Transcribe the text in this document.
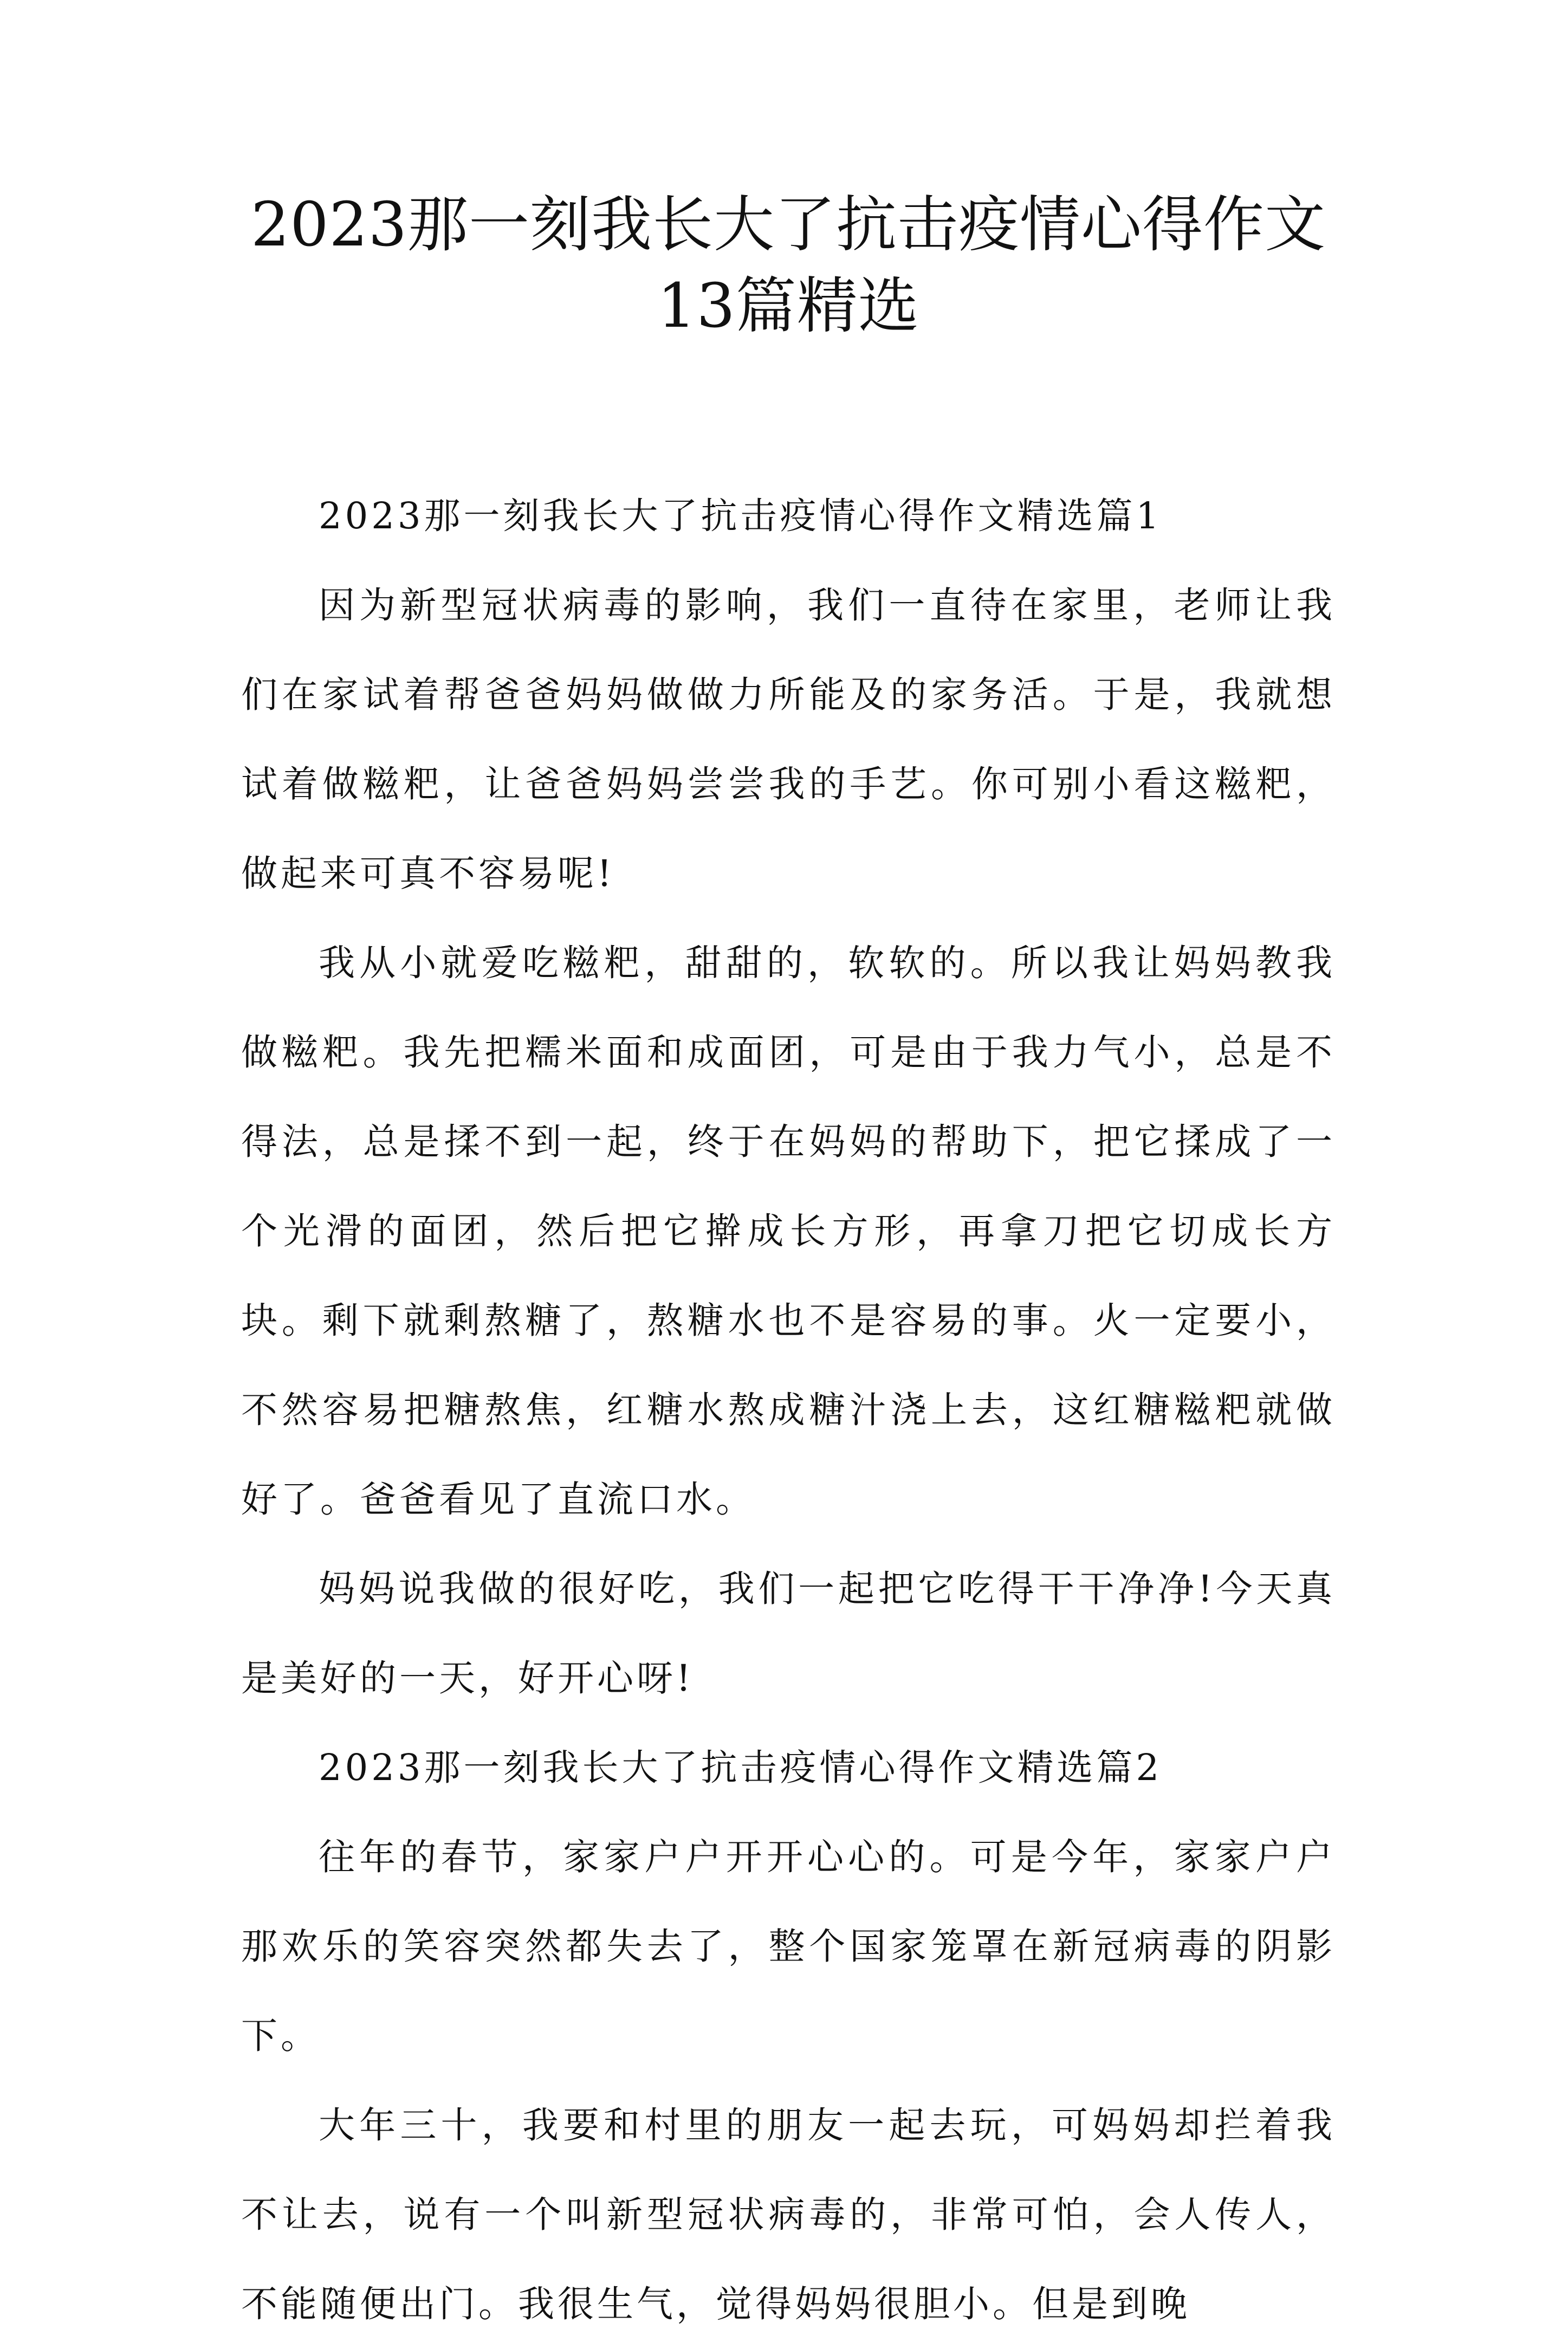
2023那一刻我长大了抗击疫情心得作文13篇精选

2023那一刻我长大了抗击疫情心得作文精选篇1

因为新型冠状病毒的影响，我们一直待在家里，老师让我们在家试着帮爸爸妈妈做做力所能及的家务活。于是，我就想试着做糍粑，让爸爸妈妈尝尝我的手艺。你可别小看这糍粑，做起来可真不容易呢!

我从小就爱吃糍粑，甜甜的，软软的。所以我让妈妈教我做糍粑。我先把糯米面和成面团，可是由于我力气小，总是不得法，总是揉不到一起，终于在妈妈的帮助下，把它揉成了一个光滑的面团，然后把它擀成长方形，再拿刀把它切成长方块。剩下就剩熬糖了，熬糖水也不是容易的事。火一定要小，不然容易把糖熬焦，红糖水熬成糖汁浇上去，这红糖糍粑就做好了。爸爸看见了直流口水。

妈妈说我做的很好吃，我们一起把它吃得干干净净!今天真是美好的一天，好开心呀!

2023那一刻我长大了抗击疫情心得作文精选篇2

往年的春节，家家户户开开心心的。可是今年，家家户户那欢乐的笑容突然都失去了，整个国家笼罩在新冠病毒的阴影下。

大年三十，我要和村里的朋友一起去玩，可妈妈却拦着我不让去，说有一个叫新型冠状病毒的，非常可怕，会人传人，不能随便出门。我很生气，觉得妈妈很胆小。但是到晚
